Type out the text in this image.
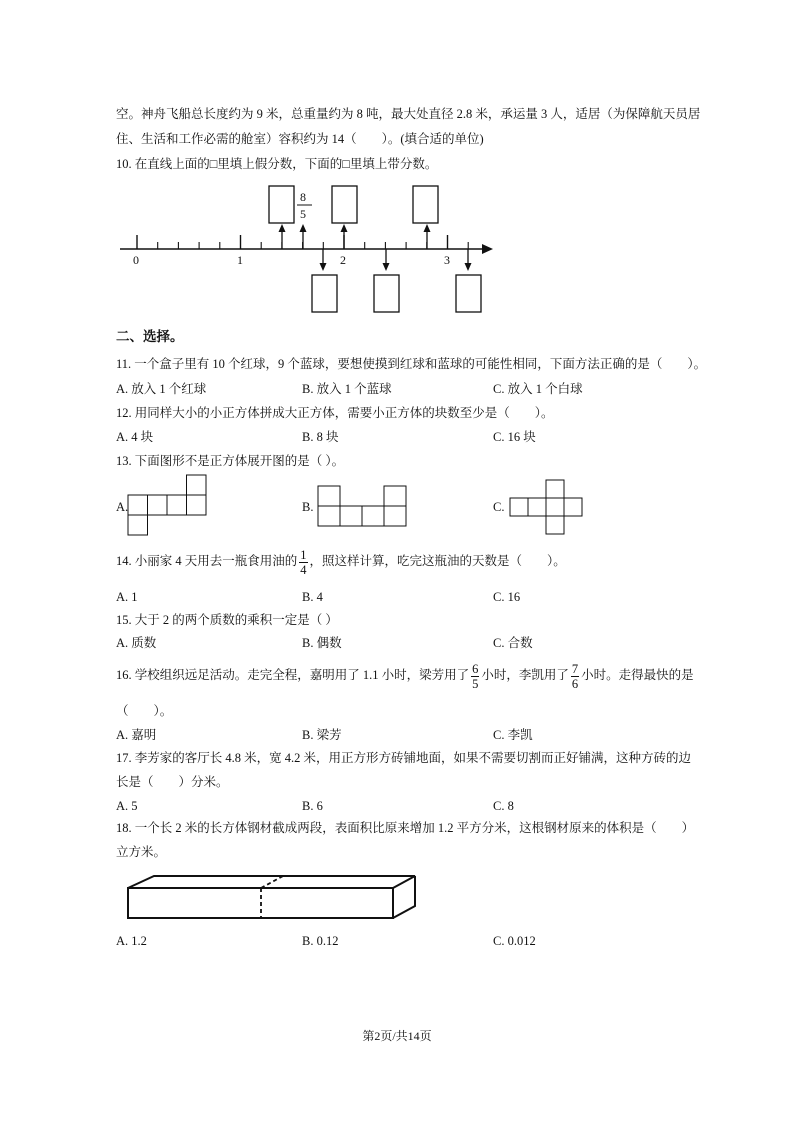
空。神舟飞船总长度约为 9 米，总重量约为 8 吨，最大处直径 2.8 米，承运量 3 人，适居（为保障航天员居
住、生活和工作必需的舱室）容积约为 14（　　）。(填合适的单位)
10. 在直线上面的□里填上假分数，下面的□里填上带分数。
0	1	2	3
8
5
二、选择。
11. 一个盒子里有 10 个红球，9 个蓝球，要想使摸到红球和蓝球的可能性相同，下面方法正确的是（　　）。
A. 放入 1 个红球	B. 放入 1 个蓝球	C. 放入 1 个白球
12. 用同样大小的小正方体拼成大正方体，需要小正方体的块数至少是（　　）。
A. 4 块	B. 8 块	C. 16 块
13. 下面图形不是正方体展开图的是（ ）。
A.	B.	C.
14. 小丽家 4 天用去一瓶食用油的 $\frac{1}{4}$ ，照这样计算，吃完这瓶油的天数是（　　）。
A. 1	B. 4	C. 16
15. 大于 2 的两个质数的乘积一定是（ ）
A. 质数	B. 偶数	C. 合数
16. 学校组织远足活动。走完全程，嘉明用了 1.1 小时，梁芳用了 $\frac{6}{5}$ 小时，李凯用了 $\frac{7}{6}$ 小时。走得最快的是
（　　）。
A. 嘉明	B. 梁芳	C. 李凯
17. 李芳家的客厅长 4.8 米，宽 4.2 米，用正方形方砖铺地面，如果不需要切割而正好铺满，这种方砖的边
长是（　　）分米。
A. 5	B. 6	C. 8
18. 一个长 2 米的长方体钢材截成两段，表面积比原来增加 1.2 平方分米，这根钢材原来的体积是（　　）
立方米。
A. 1.2	B. 0.12	C. 0.012
第2页/共14页
